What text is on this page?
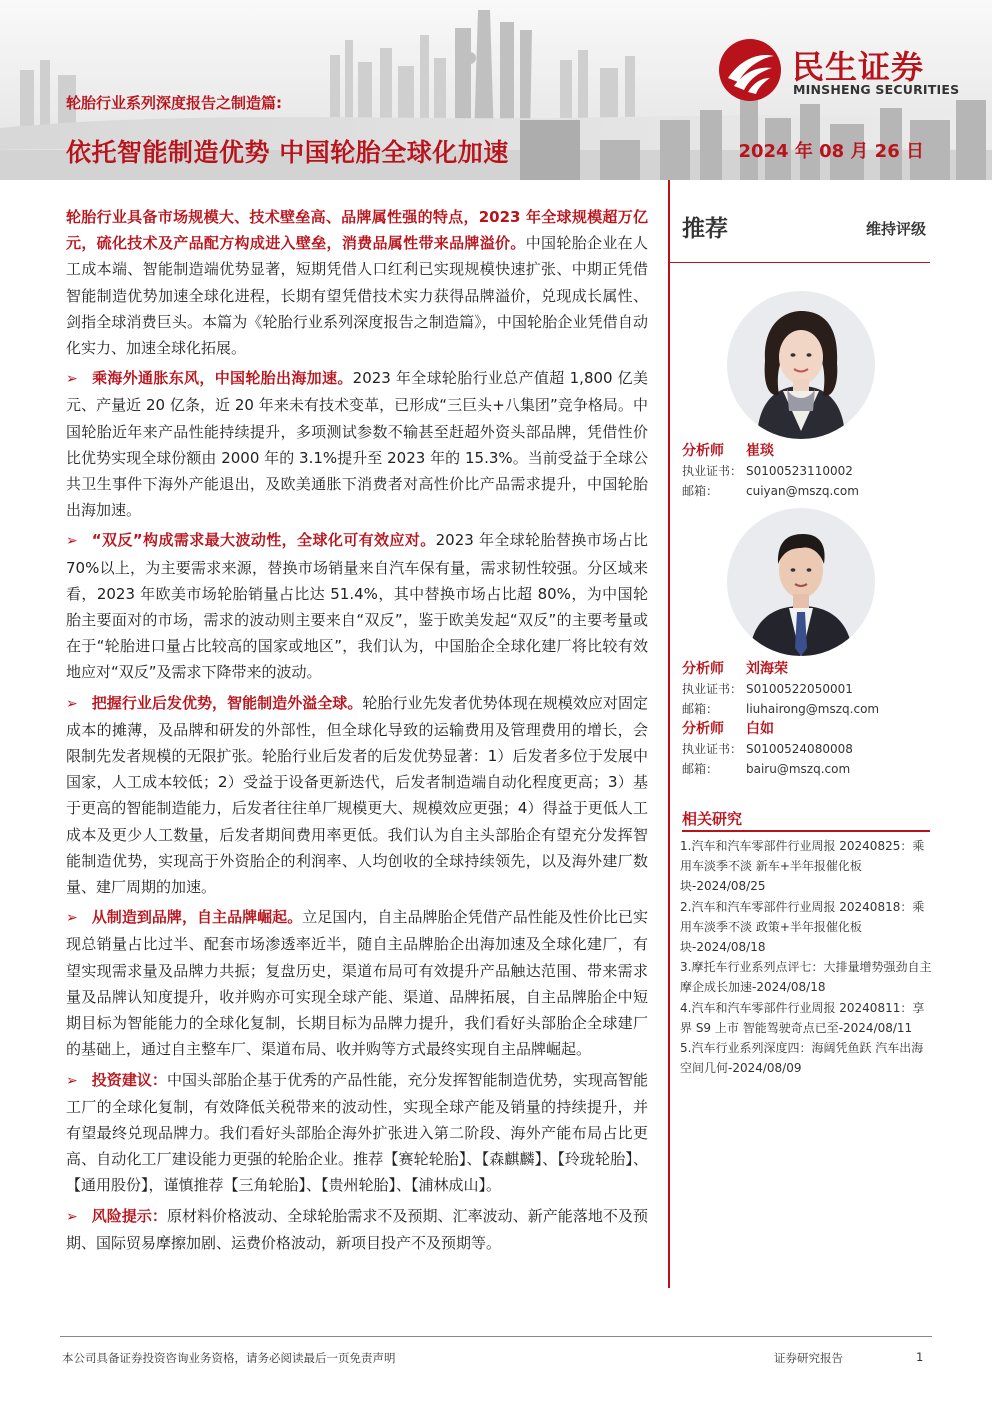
轮胎行业系列深度报告之制造篇:
依托智能制造优势 中国轮胎全球化加速	2024 年 08 月 26 日
民生证券
MINSHENG SECURITIES

轮胎行业具备市场规模大、技术壁垒高、品牌属性强的特点，2023 年全球规模超万亿元，硫化技术及产品配方构成进入壁垒，消费品属性带来品牌溢价。中国轮胎企业在人工成本端、智能制造端优势显著，短期凭借人口红利已实现规模快速扩张、中期正凭借智能制造优势加速全球化进程，长期有望凭借技术实力获得品牌溢价，兑现成长属性、剑指全球消费巨头。本篇为《轮胎行业系列深度报告之制造篇》，中国轮胎企业凭借自动化实力、加速全球化拓展。

➢ 乘海外通胀东风，中国轮胎出海加速。2023 年全球轮胎行业总产值超 1,800 亿美元、产量近 20 亿条，近 20 年来未有技术变革，已形成“三巨头+八集团”竞争格局。中国轮胎近年来产品性能持续提升，多项测试参数不输甚至赶超外资头部品牌，凭借性价比优势实现全球份额由 2000 年的 3.1%提升至 2023 年的 15.3%。当前受益于全球公共卫生事件下海外产能退出，及欧美通胀下消费者对高性价比产品需求提升，中国轮胎出海加速。

➢ “双反”构成需求最大波动性，全球化可有效应对。2023 年全球轮胎替换市场占比 70%以上，为主要需求来源，替换市场销量来自汽车保有量，需求韧性较强。分区域来看，2023 年欧美市场轮胎销量占比达 51.4%，其中替换市场占比超 80%，为中国轮胎主要面对的市场，需求的波动则主要来自“双反”，鉴于欧美发起“双反”的主要考量或在于“轮胎进口量占比较高的国家或地区”，我们认为，中国胎企全球化建厂将比较有效地应对“双反”及需求下降带来的波动。

➢ 把握行业后发优势，智能制造外溢全球。轮胎行业先发者优势体现在规模效应对固定成本的摊薄，及品牌和研发的外部性，但全球化导致的运输费用及管理费用的增长，会限制先发者规模的无限扩张。轮胎行业后发者的后发优势显著：1）后发者多位于发展中国家，人工成本较低；2）受益于设备更新迭代，后发者制造端自动化程度更高；3）基于更高的智能制造能力，后发者往往单厂规模更大、规模效应更强；4）得益于更低人工成本及更少人工数量，后发者期间费用率更低。我们认为自主头部胎企有望充分发挥智能制造优势，实现高于外资胎企的利润率、人均创收的全球持续领先，以及海外建厂数量、建厂周期的加速。

➢ 从制造到品牌，自主品牌崛起。立足国内，自主品牌胎企凭借产品性能及性价比已实现总销量占比过半、配套市场渗透率近半，随自主品牌胎企出海加速及全球化建厂，有望实现需求量及品牌力共振；复盘历史，渠道布局可有效提升产品触达范围、带来需求量及品牌认知度提升，收并购亦可实现全球产能、渠道、品牌拓展，自主品牌胎企中短期目标为智能能力的全球化复制，长期目标为品牌力提升，我们看好头部胎企全球建厂的基础上，通过自主整车厂、渠道布局、收并购等方式最终实现自主品牌崛起。

➢ 投资建议：中国头部胎企基于优秀的产品性能，充分发挥智能制造优势，实现高智能工厂的全球化复制，有效降低关税带来的波动性，实现全球产能及销量的持续提升，并有望最终兑现品牌力。我们看好头部胎企海外扩张进入第二阶段、海外产能布局占比更高、自动化工厂建设能力更强的轮胎企业。推荐【赛轮轮胎】、【森麒麟】、【玲珑轮胎】、【通用股份】，谨慎推荐【三角轮胎】、【贵州轮胎】、【浦林成山】。

➢ 风险提示：原材料价格波动、全球轮胎需求不及预期、汇率波动、新产能落地不及预期、国际贸易摩擦加剧、运费价格波动，新项目投产不及预期等。

推荐	维持评级
分析师 崔琰
执业证书： S0100523110002
邮箱： cuiyan@mszq.com
分析师 刘海荣
执业证书： S0100522050001
邮箱： liuhairong@mszq.com
分析师 白如
执业证书： S0100524080008
邮箱： bairu@mszq.com
相关研究
1.汽车和汽车零部件行业周报 20240825：乘用车淡季不淡 新车+半年报催化板块-2024/08/25
2.汽车和汽车零部件行业周报 20240818：乘用车淡季不淡 政策+半年报催化板块-2024/08/18
3.摩托车行业系列点评七：大排量增势强劲自主摩企成长加速-2024/08/18
4.汽车和汽车零部件行业周报 20240811：享界 S9 上市 智能驾驶奇点已至-2024/08/11
5.汽车行业系列深度四：海阔凭鱼跃 汽车出海空间几何-2024/08/09
本公司具备证券投资咨询业务资格，请务必阅读最后一页免责声明	证券研究报告	1
